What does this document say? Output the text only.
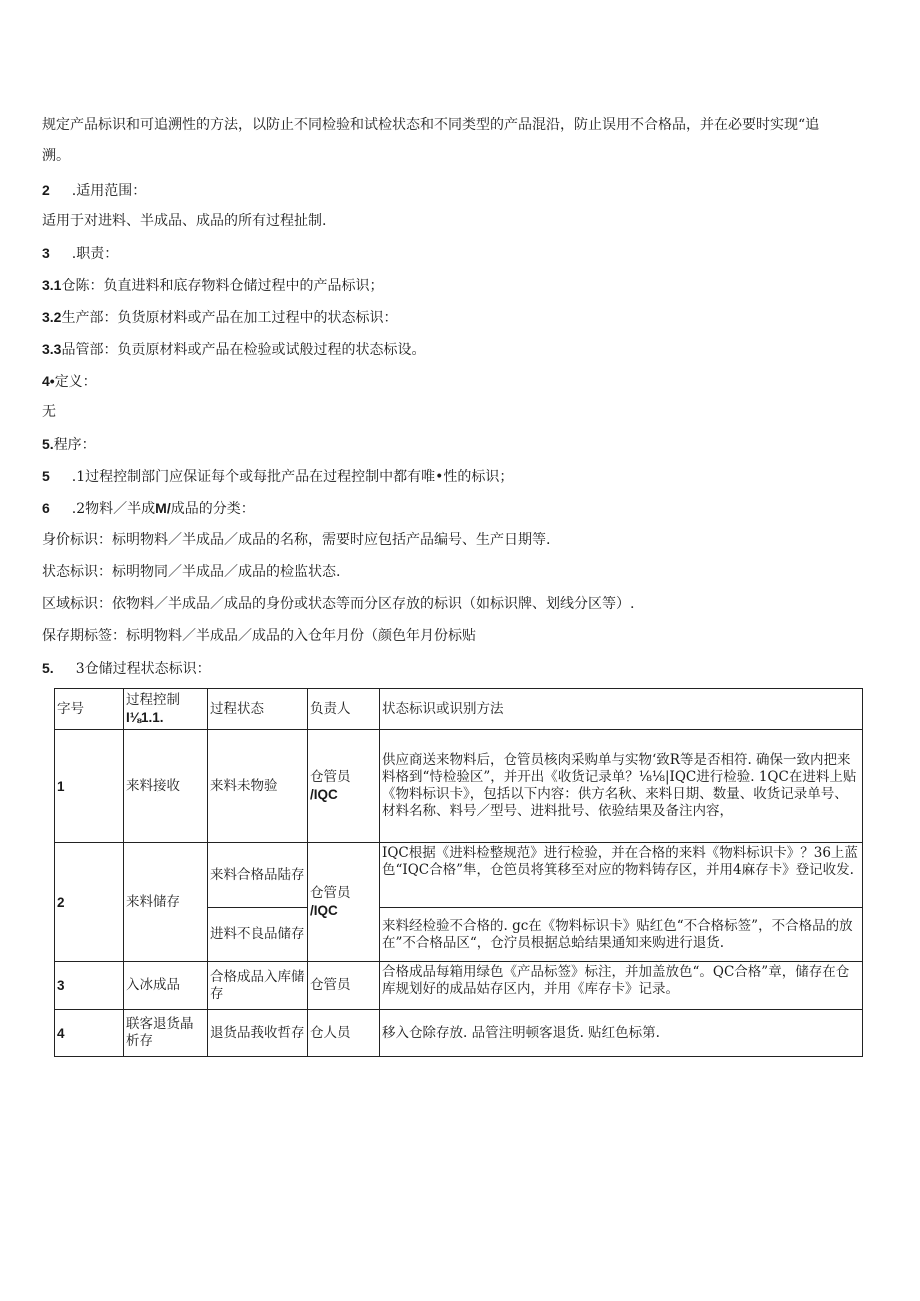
规定产品标识和可追溯性的方法，以防止不同检验和试检状态和不同类型的产品混沿，防止误用不合格品，并在必要时实现“追
溯。
2 .适用范围：
适用于对进料、半成品、成品的所有过程扯制.
3 .职责：
3.1仓陈：负直进料和底存物料仓储过程中的产品标识；
3.2生产部：负货原材料或产品在加工过程中的状态标识：
3.3品管部：负贡原材料或产品在检验或试般过程的状态标设。
4•定义：
无
5.程序：
5 .1过程控制部门应保证每个或每批产品在过程控制中都有唯•性的标识；
6 .2物料／半成M/成品的分类：
身价标识：标明物料／半成品／成品的名称，需要时应包括产品编号、生产日期等.
状态标识：标明物同／半成品／成品的检监状态.
区域标识：依物料／半成品／成品的身份或状态等而分区存放的标识（如标识牌、划线分区等）.
保存期标签：标明物料／半成品／成品的入仓年月份（颜色年月份标贴
5. 3仓储过程状态标识：
字号	过程控制
I⅛1.1.	过程状态	负责人	状态标识或识别方法
1	来料接收	来料未物验	仓管员
/IQC	供应商送来物料后，仓管员核肉采购单与实物‘致R等是否相符. 确保一致内把来料格到“恃检验区”，并开出《收货记录单？⅛⅛|IQC进行检验. 1QC在进料上贴《物料标识卡》，包括以下内容：供方名秋、来料日期、数量、收货记录单号、材料名称、料号／型号、进料批号、依验结果及备注内容，
2	来料储存	来料合格品陆存	仓管员
/IQC	IQC根据《进料检整规范》进行检验，并在合格的来料《物料标识卡》？36上蓝色“IQC合格”隼，仓笆员将箕移至对应的物料铸存区，并用4麻存卡》登记收发.
		进料不良品储存		来料经检验不合格的. gc在《物料标识卡》贴红色“不合格标签”，不合格品的放在”不合格品区“，仓泞员根据总蛤结果通知来购进行退货.
3	入冰成品	合格成品入库储存	仓管员	合格成品每箱用绿色《产品标签》标注，并加盖放色“。QC合格”章，储存在仓库规划好的成品姑存区内，并用《库存卡》记录。
4	联客退货晶析存	退货品莪收哲存	仓人员	移入仓除存放. 品管注明顿客退货. 贴红色标第.
